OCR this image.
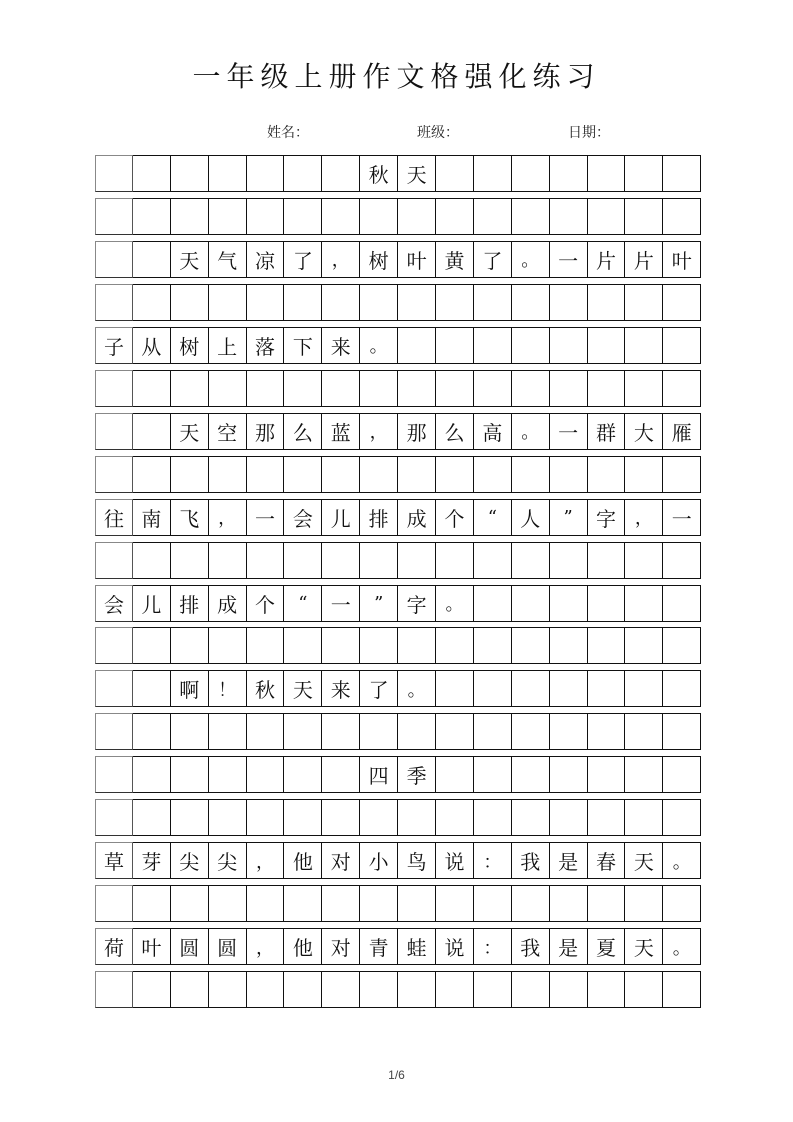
一年级上册作文格强化练习
姓名：	班级：	日期：
秋 天
天 气 凉 了	， 树 叶 黄 了	。 一 片 片 叶
子 从 树 上 落 下 来	。
天 空 那 么 蓝	， 那 么 高	。 一 群 大 雁
往 南 飞	， 一 会 儿 排 成 个	“	人	”	字	， 一
会 儿 排 成 个	“	一	”	字	。
啊	！ 秋 天 来 了	。
四 季
草 芽 尖 尖	， 他 对 小 鸟 说	： 我 是 春 天	。
荷 叶 圆 圆	， 他 对 青 蛙 说	： 我 是 夏 天	。
1/6
